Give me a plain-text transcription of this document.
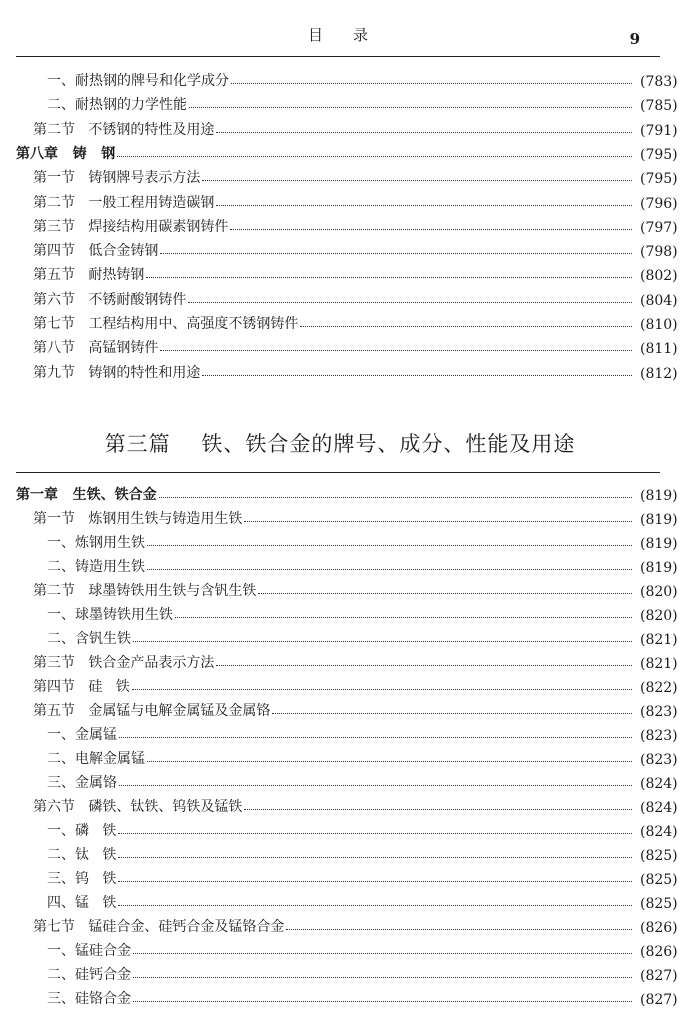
目录	9
一、耐热钢的牌号和化学成分	(783)
二、耐热钢的力学性能	(785)
第二节   不锈钢的特性及用途	(791)
第八章   铸   钢	(795)
第一节   铸钢牌号表示方法	(795)
第二节   一般工程用铸造碳钢	(796)
第三节   焊接结构用碳素钢铸件	(797)
第四节   低合金铸钢	(798)
第五节   耐热铸钢	(802)
第六节   不锈耐酸钢铸件	(804)
第七节   工程结构用中、高强度不锈钢铸件	(810)
第八节   高锰钢铸件	(811)
第九节   铸钢的特性和用途	(812)
第一章   生铁、铁合金	(819)
第一节   炼钢用生铁与铸造用生铁	(819)
一、炼钢用生铁	(819)
二、铸造用生铁	(819)
第二节   球墨铸铁用生铁与含钒生铁	(820)
一、球墨铸铁用生铁	(820)
二、含钒生铁	(821)
第三节   铁合金产品表示方法	(821)
第四节   硅   铁	(822)
第五节   金属锰与电解金属锰及金属铬	(823)
一、金属锰	(823)
二、电解金属锰	(823)
三、金属铬	(824)
第六节   磷铁、钛铁、钨铁及锰铁	(824)
一、磷   铁	(824)
二、钛   铁	(825)
三、钨   铁	(825)
四、锰   铁	(825)
第七节   锰硅合金、硅钙合金及锰铬合金	(826)
一、锰硅合金	(826)
二、硅钙合金	(827)
三、硅铬合金	(827)
第三篇    铁、铁合金的牌号、成分、性能及用途
